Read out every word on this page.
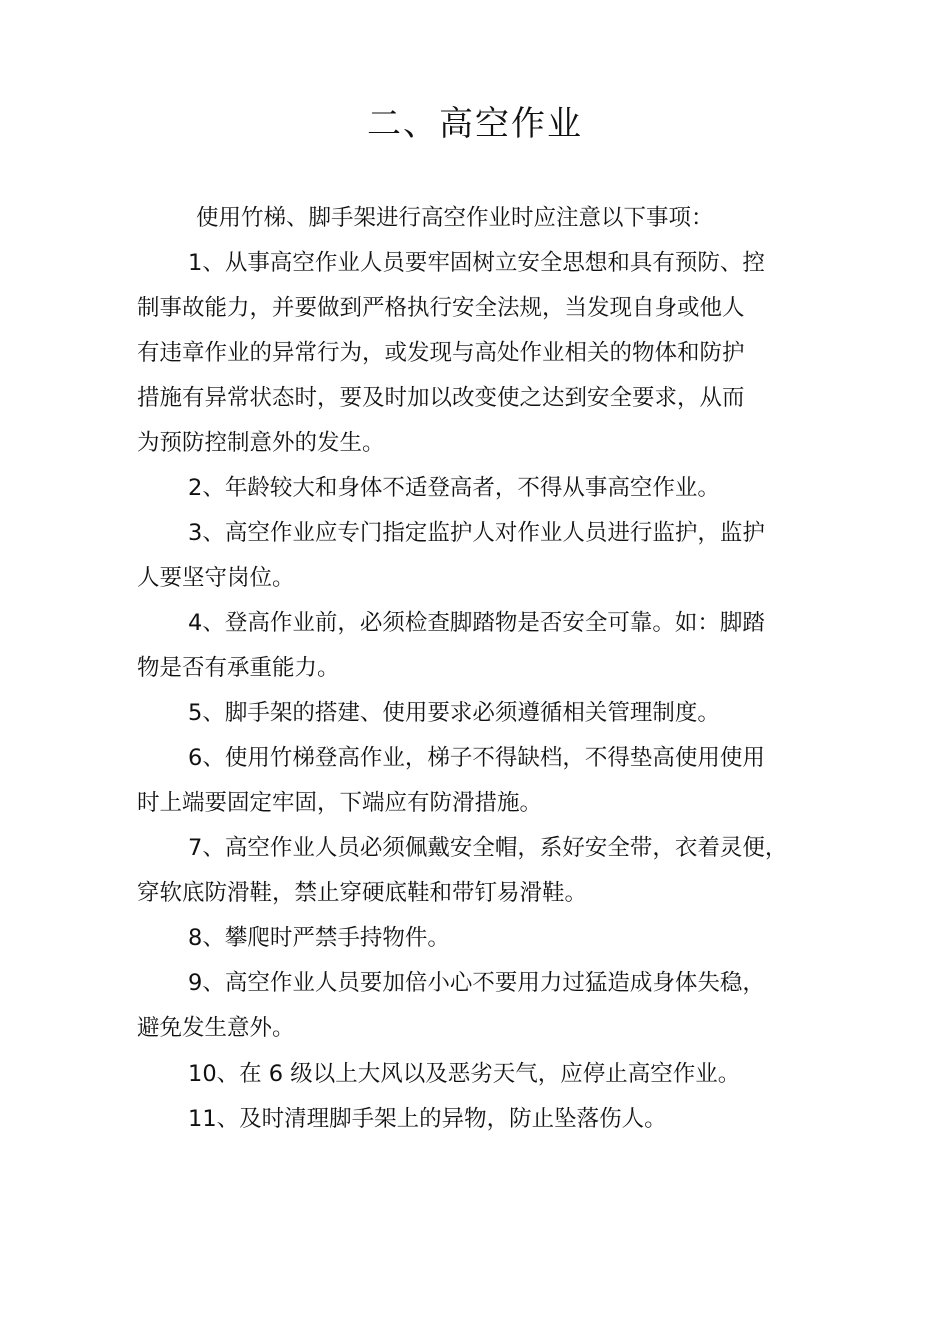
二、高空作业

使用竹梯、脚手架进行高空作业时应注意以下事项：

1、从事高空作业人员要牢固树立安全思想和具有预防、控
制事故能力，并要做到严格执行安全法规，当发现自身或他人
有违章作业的异常行为，或发现与高处作业相关的物体和防护
措施有异常状态时，要及时加以改变使之达到安全要求，从而
为预防控制意外的发生。
2、年龄较大和身体不适登高者，不得从事高空作业。
3、高空作业应专门指定监护人对作业人员进行监护，监护
人要坚守岗位。
4、登高作业前，必须检查脚踏物是否安全可靠。如：脚踏
物是否有承重能力。
5、脚手架的搭建、使用要求必须遵循相关管理制度。
6、使用竹梯登高作业，梯子不得缺档，不得垫高使用使用
时上端要固定牢固，下端应有防滑措施。
7、高空作业人员必须佩戴安全帽，系好安全带，衣着灵便，
穿软底防滑鞋，禁止穿硬底鞋和带钉易滑鞋。
8、攀爬时严禁手持物件。
9、高空作业人员要加倍小心不要用力过猛造成身体失稳，
避免发生意外。
10、在 6 级以上大风以及恶劣天气，应停止高空作业。
11、及时清理脚手架上的异物，防止坠落伤人。
